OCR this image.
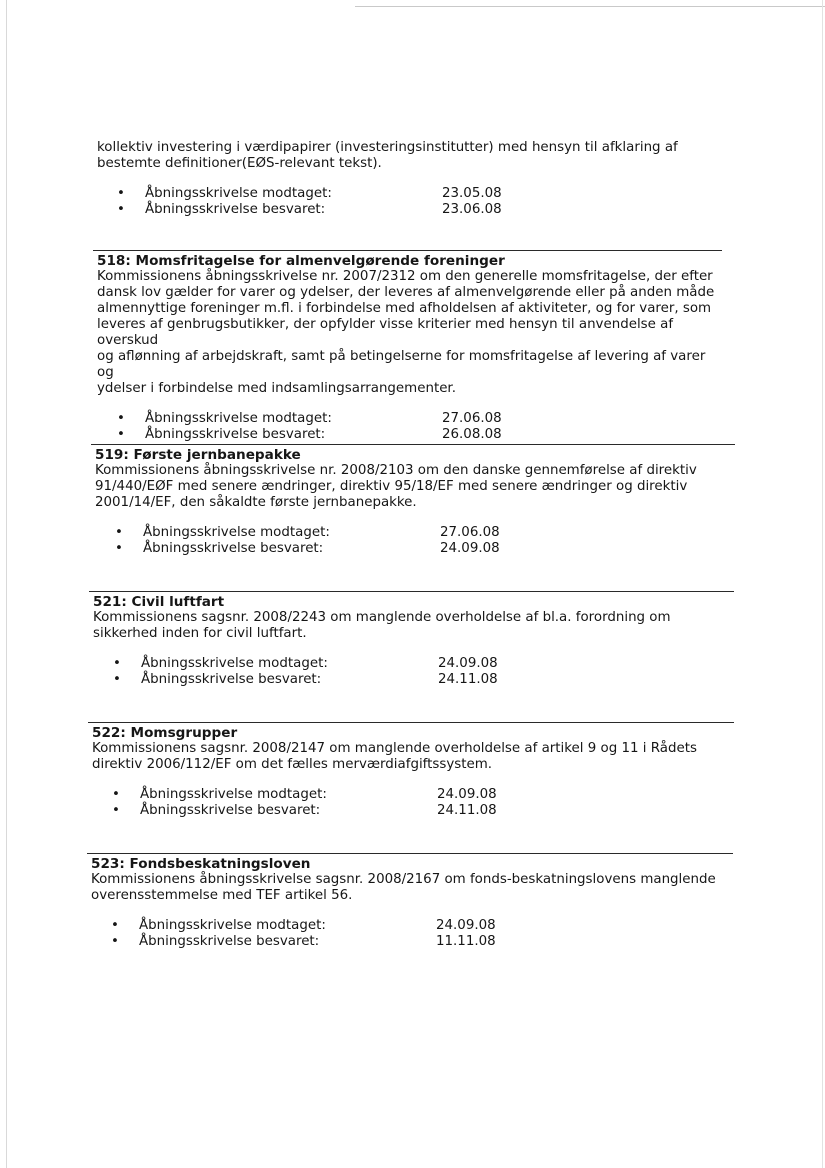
kollektiv investering i værdipapirer (investeringsinstitutter) med hensyn til afklaring af
bestemte definitioner(EØS-relevant tekst).
• Åbningsskrivelse modtaget:	23.05.08
• Åbningsskrivelse besvaret:	23.06.08
518: Momsfritagelse for almenvelgørende foreninger
Kommissionens åbningsskrivelse nr. 2007/2312 om den generelle momsfritagelse, der efter
dansk lov gælder for varer og ydelser, der leveres af almenvelgørende eller på anden måde
almennyttige foreninger m.fl. i forbindelse med afholdelsen af aktiviteter, og for varer, som
leveres af genbrugsbutikker, der opfylder visse kriterier med hensyn til anvendelse af overskud
og aflønning af arbejdskraft, samt på betingelserne for momsfritagelse af levering af varer og
ydelser i forbindelse med indsamlingsarrangementer.
• Åbningsskrivelse modtaget:	27.06.08
• Åbningsskrivelse besvaret:	26.08.08
519: Første jernbanepakke
Kommissionens åbningsskrivelse nr. 2008/2103 om den danske gennemførelse af direktiv
91/440/EØF med senere ændringer, direktiv 95/18/EF med senere ændringer og direktiv
2001/14/EF, den såkaldte første jernbanepakke.
• Åbningsskrivelse modtaget:	27.06.08
• Åbningsskrivelse besvaret:	24.09.08
521: Civil luftfart
Kommissionens sagsnr. 2008/2243 om manglende overholdelse af bl.a. forordning om
sikkerhed inden for civil luftfart.
• Åbningsskrivelse modtaget:	24.09.08
• Åbningsskrivelse besvaret:	24.11.08
522: Momsgrupper
Kommissionens sagsnr. 2008/2147 om manglende overholdelse af artikel 9 og 11 i Rådets
direktiv 2006/112/EF om det fælles merværdiafgiftssystem.
• Åbningsskrivelse modtaget:	24.09.08
• Åbningsskrivelse besvaret:	24.11.08
523: Fondsbeskatningsloven
Kommissionens åbningsskrivelse sagsnr. 2008/2167 om fonds-beskatningslovens manglende
overensstemmelse med TEF artikel 56.
• Åbningsskrivelse modtaget:	24.09.08
• Åbningsskrivelse besvaret:	11.11.08
